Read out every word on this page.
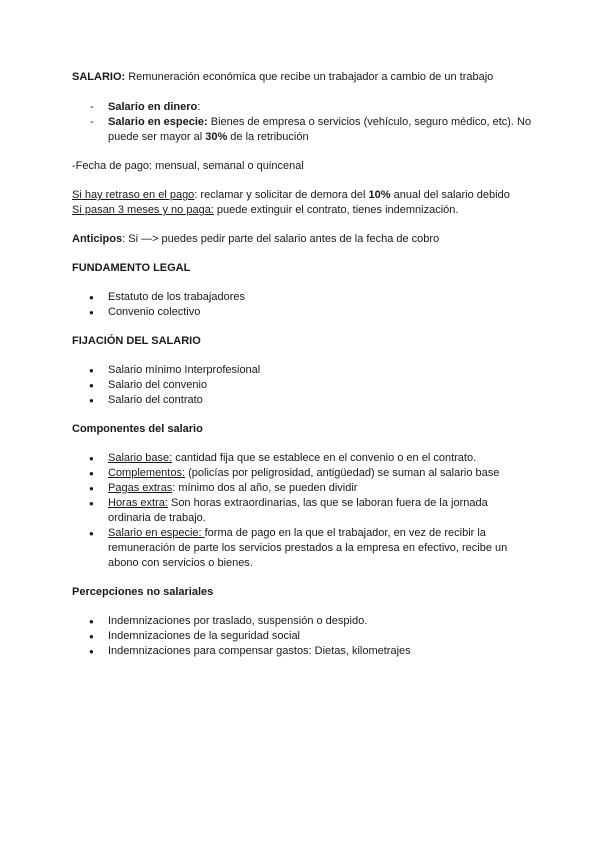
SALARIO: Remuneración económica que recibe un trabajador a cambio de un trabajo

- Salario en dinero:
- Salario en especie: Bienes de empresa o servicios (vehículo, seguro médico, etc). No puede ser mayor al 30% de la retribución

-Fecha de pago: mensual, semanal o quincenal

Si hay retraso en el pago: reclamar y solicitar de demora del 10% anual del salario debido

Si pasan 3 meses y no paga: puede extinguir el contrato, tienes indemnización.

Anticipos: Si —> puedes pedir parte del salario antes de la fecha de cobro

FUNDAMENTO LEGAL

● Estatuto de los trabajadores
● Convenio colectivo

FIJACIÓN DEL SALARIO

● Salario mínimo Interprofesional
● Salario del convenio
● Salario del contrato

Componentes del salario

● Salario base: cantidad fija que se establece en el convenio o en el contrato.
● Complementos: (policías por peligrosidad, antigüedad) se suman al salario base
● Pagas extras: mínimo dos al año, se pueden dividir
● Horas extra: Son horas extraordinarias, las que se laboran fuera de la jornada ordinaria de trabajo.
● Salario en especie: forma de pago en la que el trabajador, en vez de recibir la remuneración de parte los servicios prestados a la empresa en efectivo, recibe un abono con servicios o bienes.

Percepciones no salariales

● Indemnizaciones por traslado, suspensión o despido.
● Indemnizaciones de la seguridad social
● Indemnizaciones para compensar gastos: Dietas, kilometrajes
